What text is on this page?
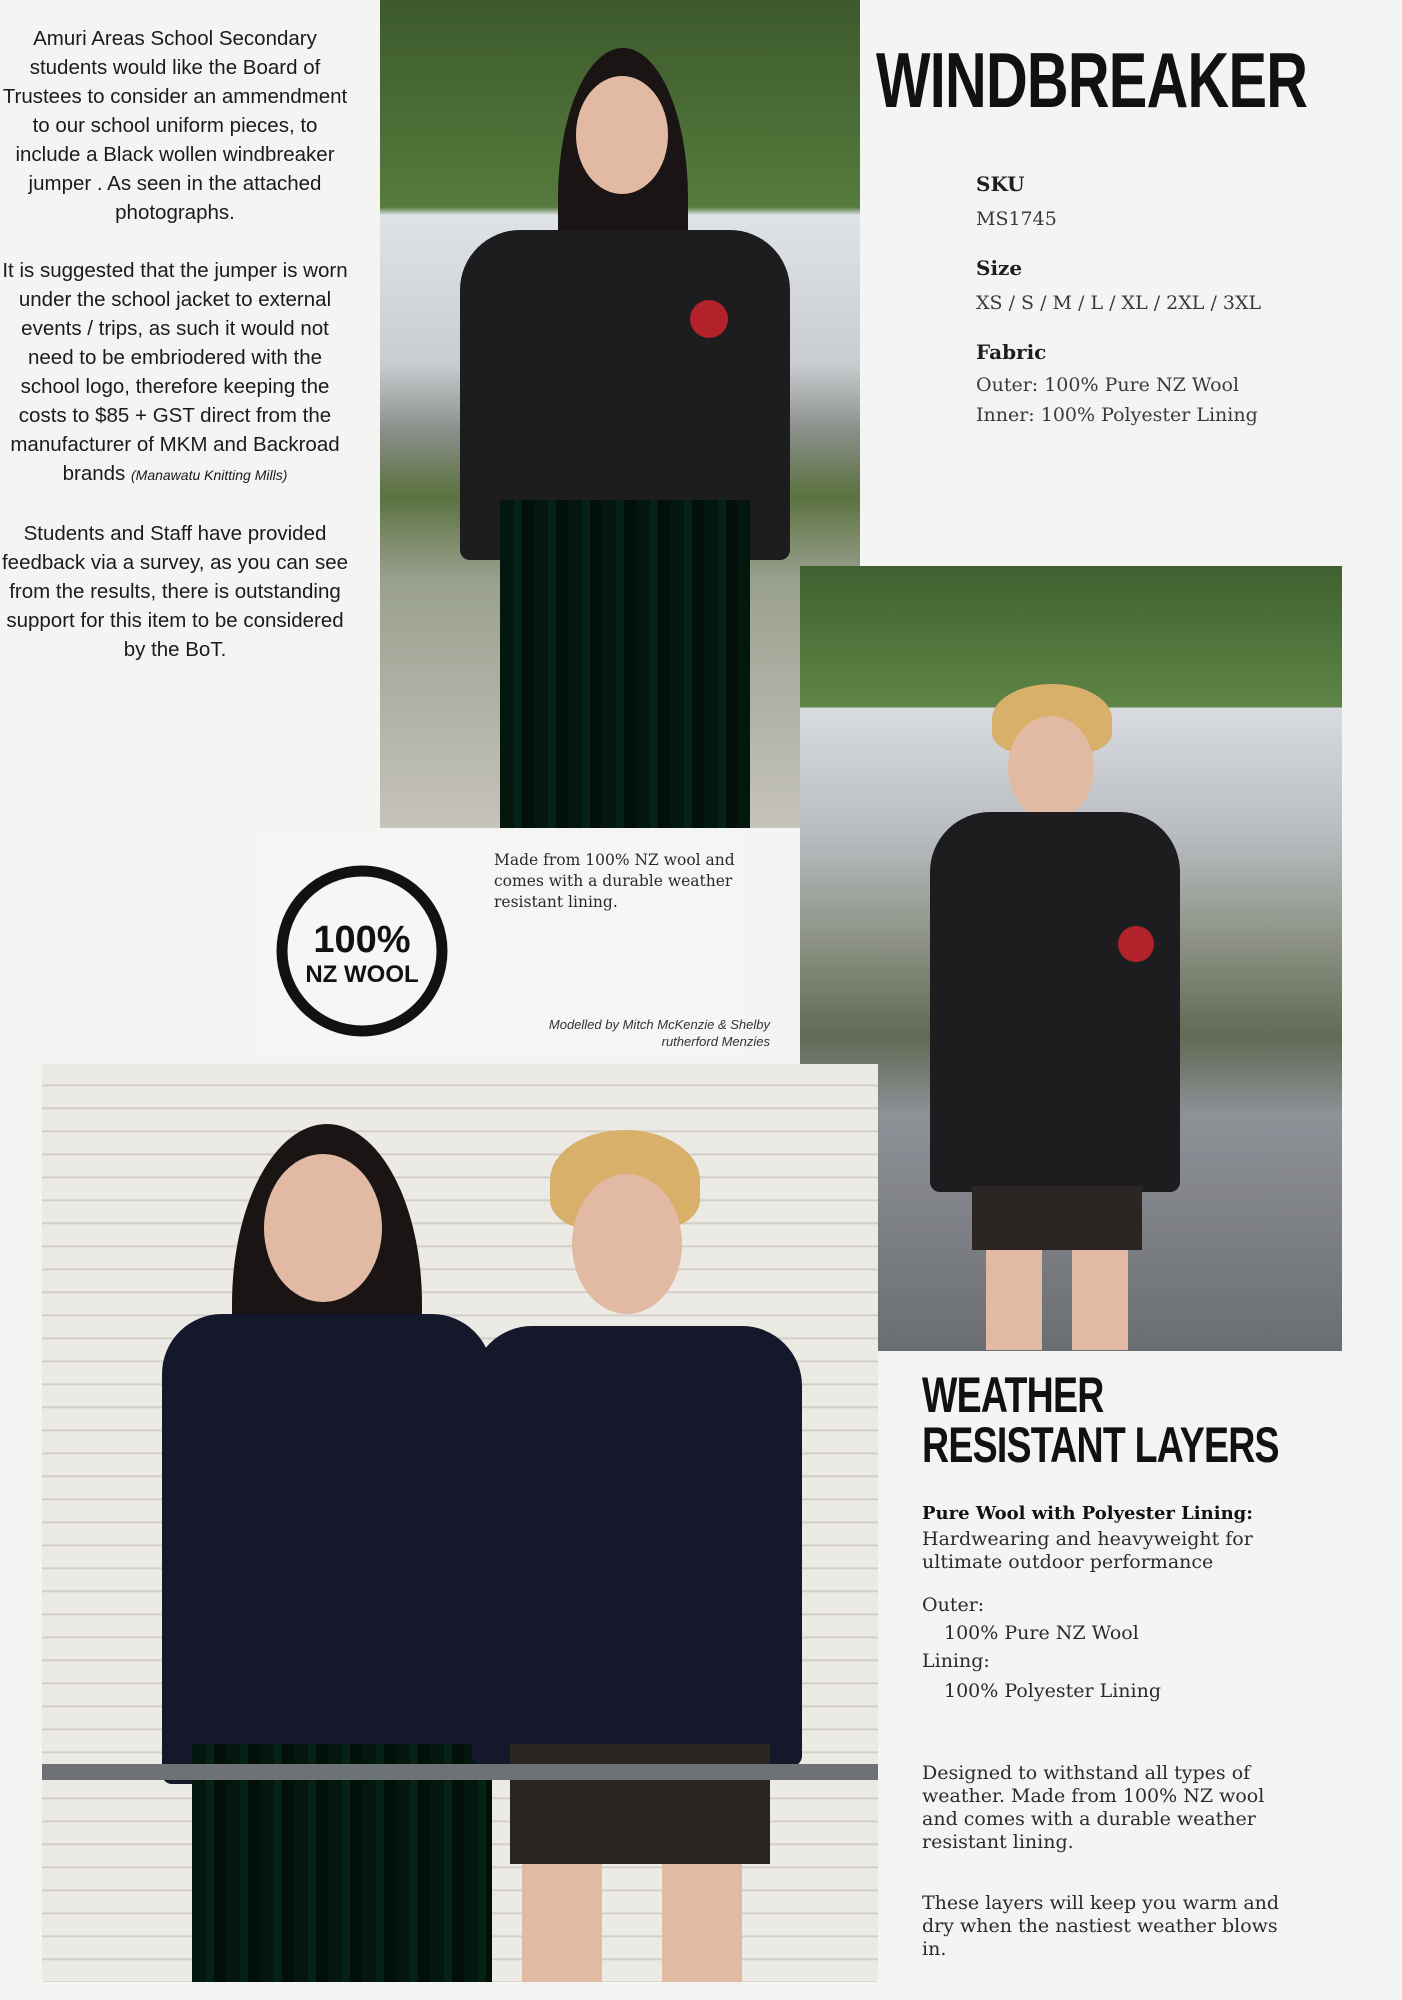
Amuri Areas School Secondary students would like the Board of Trustees to consider an ammendment to our school uniform pieces, to include a Black wollen windbreaker jumper . As seen in the attached photographs.

It is suggested that the jumper is worn under the school jacket to external events / trips, as such it would not need to be embriodered with the school logo, therefore keeping the costs to $85 + GST direct from the manufacturer of MKM and Backroad brands (Manawatu Knitting Mills)

Students and Staff have provided feedback via a survey, as you can see from the results, there is outstanding support for this item to be considered by the BoT.

WINDBREAKER
SKU
MS1745
Size
XS / S / M / L / XL / 2XL / 3XL
Fabric
Outer: 100% Pure NZ Wool
Inner: 100% Polyester Lining
100%
NZ WOOL
Made from 100% NZ wool and comes with a durable weather resistant lining.
Modelled by Mitch McKenzie & Shelby rutherford Menzies
WEATHER
RESISTANT LAYERS
Pure Wool with Polyester Lining:
Hardwearing and heavyweight for ultimate outdoor performance
Outer:
100% Pure NZ Wool
Lining:
100% Polyester Lining
Designed to withstand all types of weather. Made from 100% NZ wool and comes with a durable weather resistant lining.
These layers will keep you warm and dry when the nastiest weather blows in.
